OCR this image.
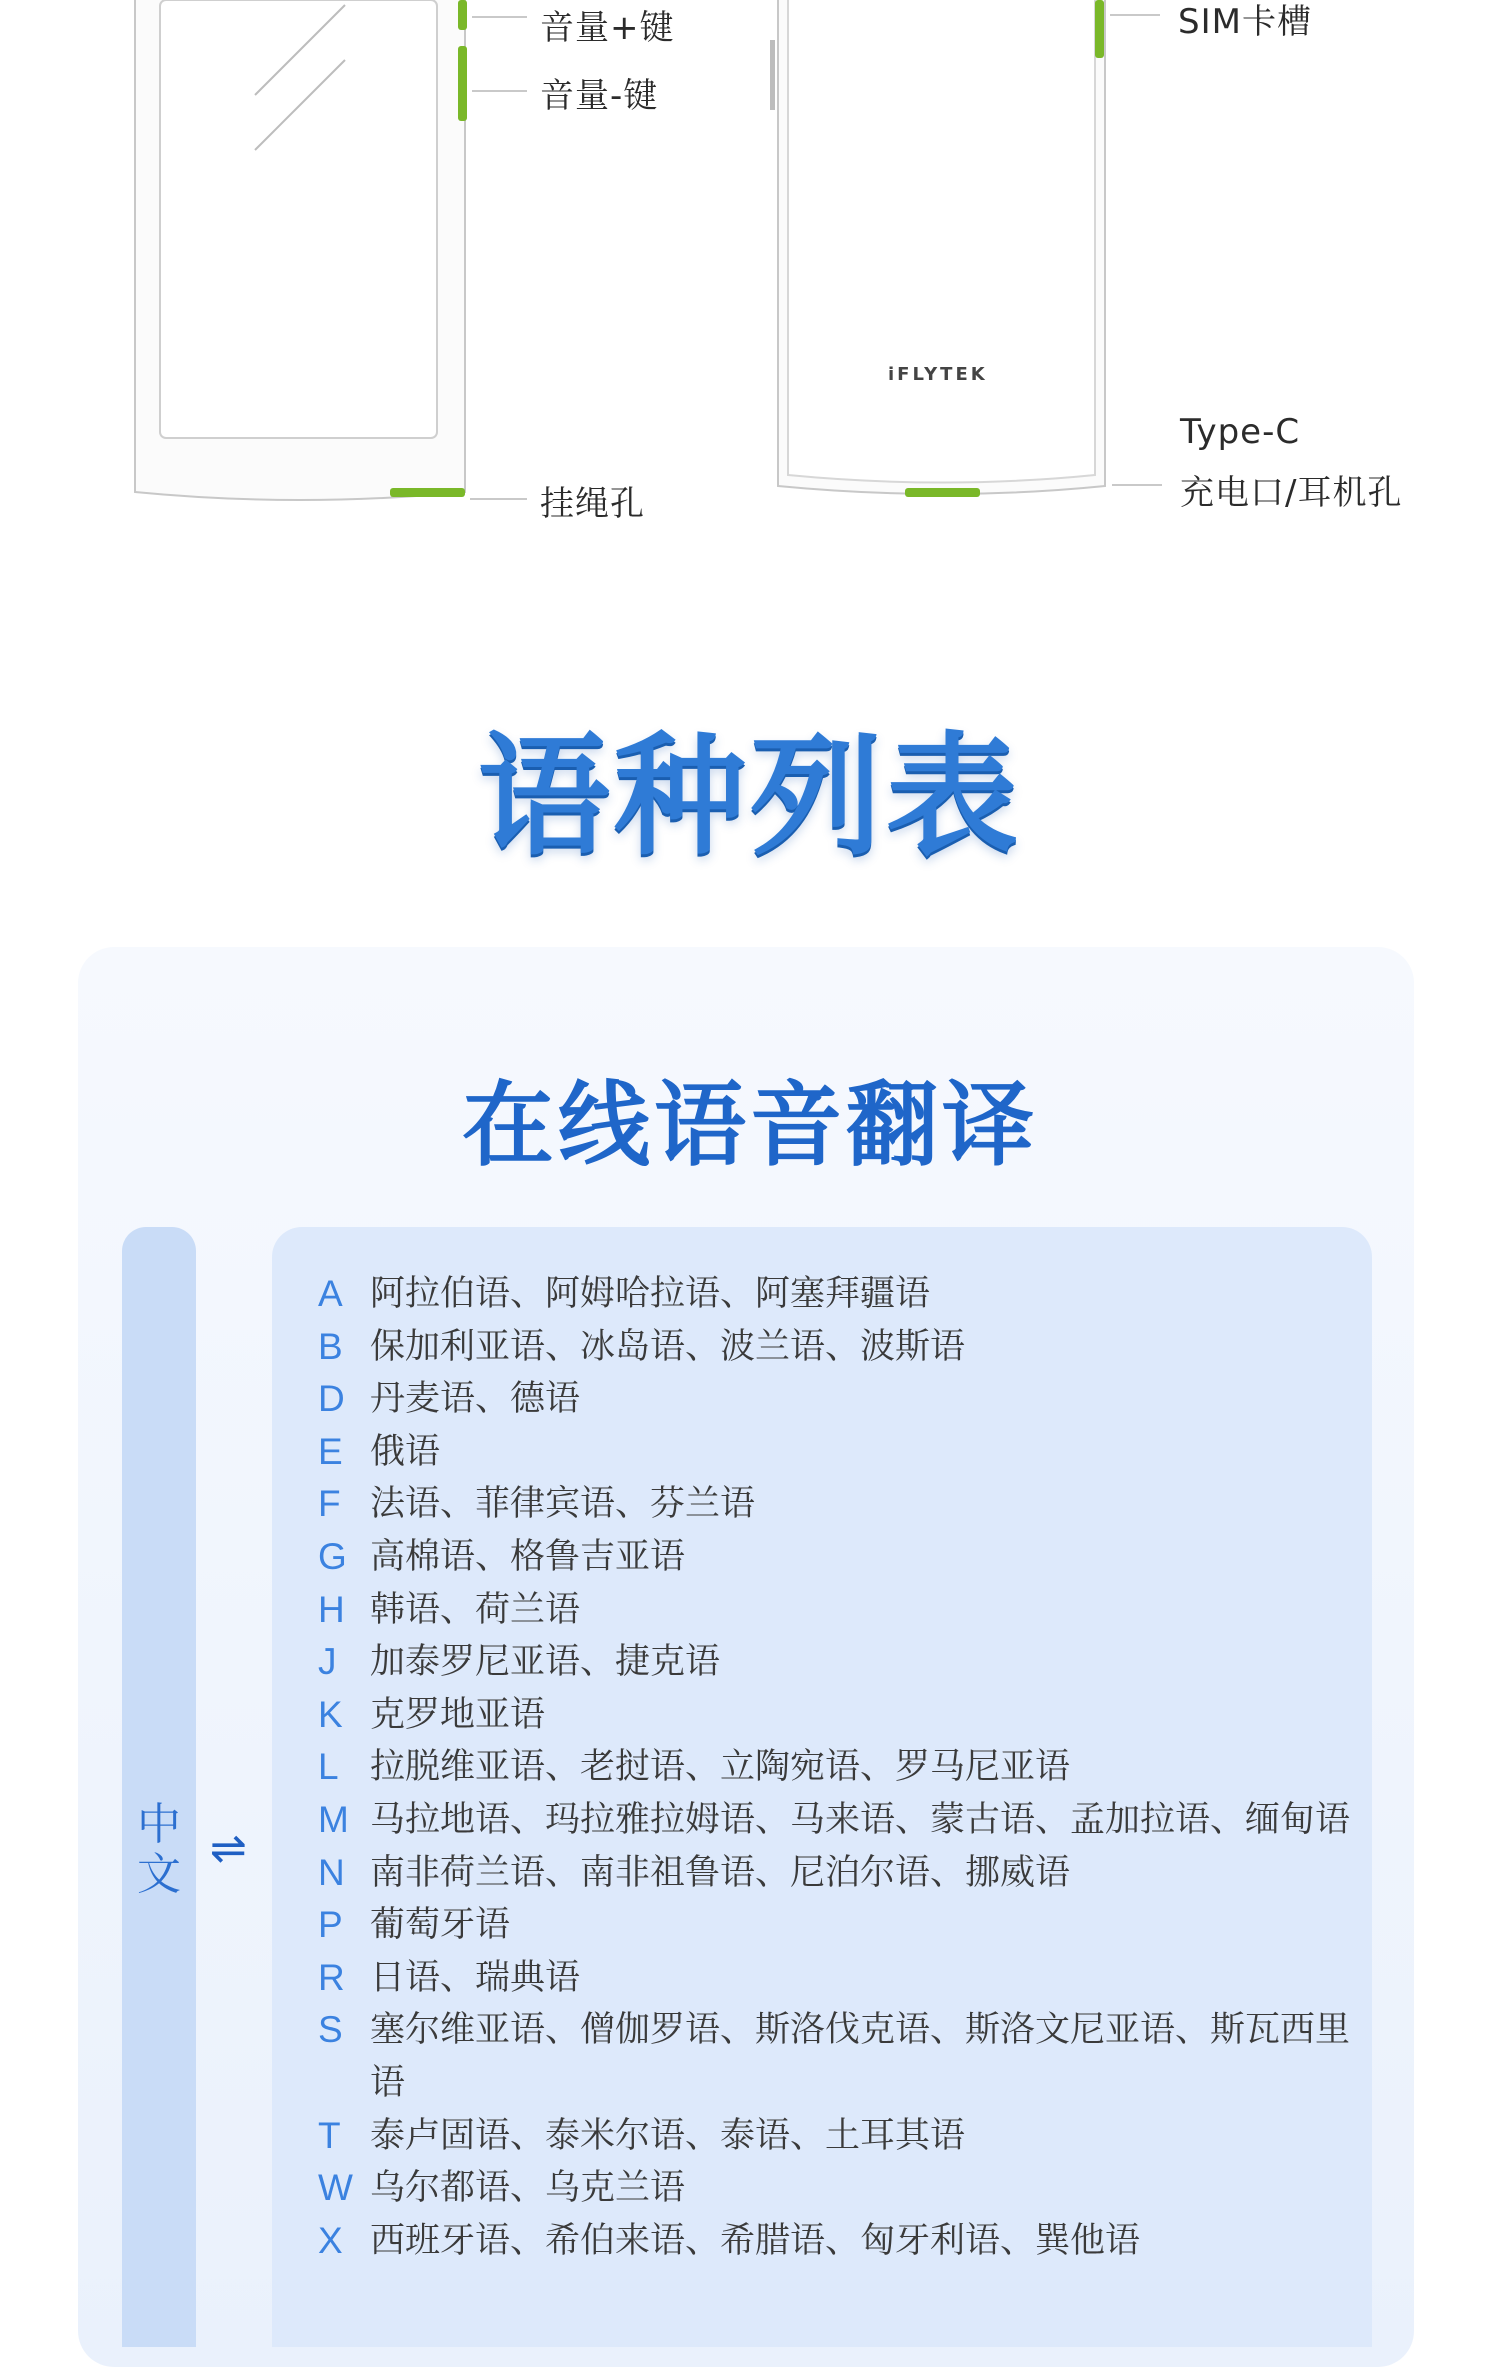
iFLYTEK
音量+键
音量-键
挂绳孔
SIM卡槽
Type-C
充电口/耳机孔
语种列表
在线语音翻译
中文
⇌
A 阿拉伯语、阿姆哈拉语、阿塞拜疆语
B 保加利亚语、冰岛语、波兰语、波斯语
D 丹麦语、德语
E 俄语
F 法语、菲律宾语、芬兰语
G 高棉语、格鲁吉亚语
H 韩语、荷兰语
J 加泰罗尼亚语、捷克语
K 克罗地亚语
L 拉脱维亚语、老挝语、立陶宛语、罗马尼亚语
M 马拉地语、玛拉雅拉姆语、马来语、蒙古语、孟加拉语、缅甸语
N 南非荷兰语、南非祖鲁语、尼泊尔语、挪威语
P 葡萄牙语
R 日语、瑞典语
S 塞尔维亚语、僧伽罗语、斯洛伐克语、斯洛文尼亚语、斯瓦西里语
T 泰卢固语、泰米尔语、泰语、土耳其语
W 乌尔都语、乌克兰语
X 西班牙语、希伯来语、希腊语、匈牙利语、巽他语
